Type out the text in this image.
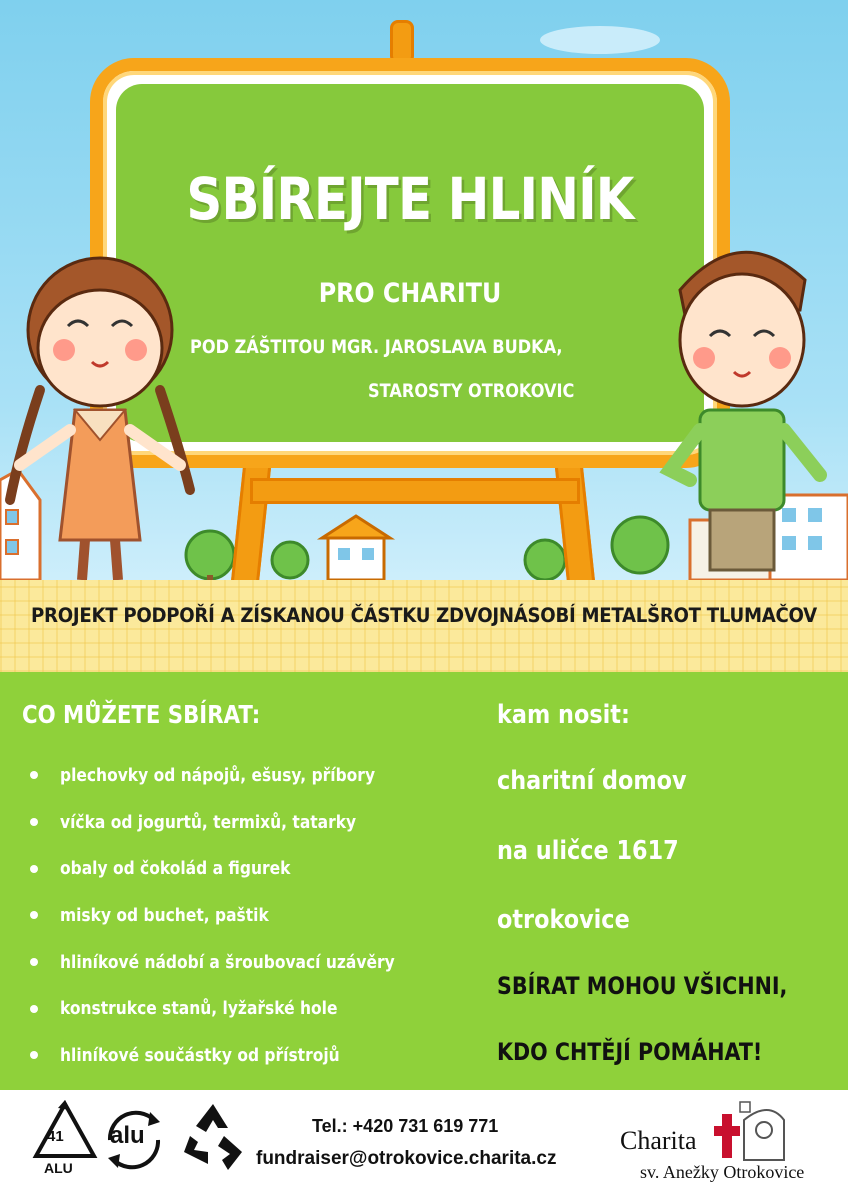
SBÍREJTE HLINÍK
PRO CHARITU
POD ZÁŠTITOU MGR. JAROSLAVA BUDKA,
STAROSTY OTROKOVIC
PROJEKT PODPOŘÍ A ZÍSKANOU ČÁSTKU ZDVOJNÁSOBÍ METALŠROT TLUMAČOV
CO MŮŽETE SBÍRAT:
plechovky od nápojů, ešusy, příbory
víčka od jogurtů, termixů, tatarky
obaly od čokolád a figurek
misky od buchet, paštik
hliníkové nádobí a šroubovací uzávěry
konstrukce stanů, lyžařské hole
hliníkové součástky od přístrojů
kam nosit:
charitní domov
na uličce 1617
otrokovice
SBÍRAT MOHOU VŠICHNI,
KDO CHTĚJÍ POMÁHAT!
41
ALU
alu	Tel.: +420 731 619 771
fundraiser@otrokovice.charita.cz
Charita
sv. Anežky Otrokovice
